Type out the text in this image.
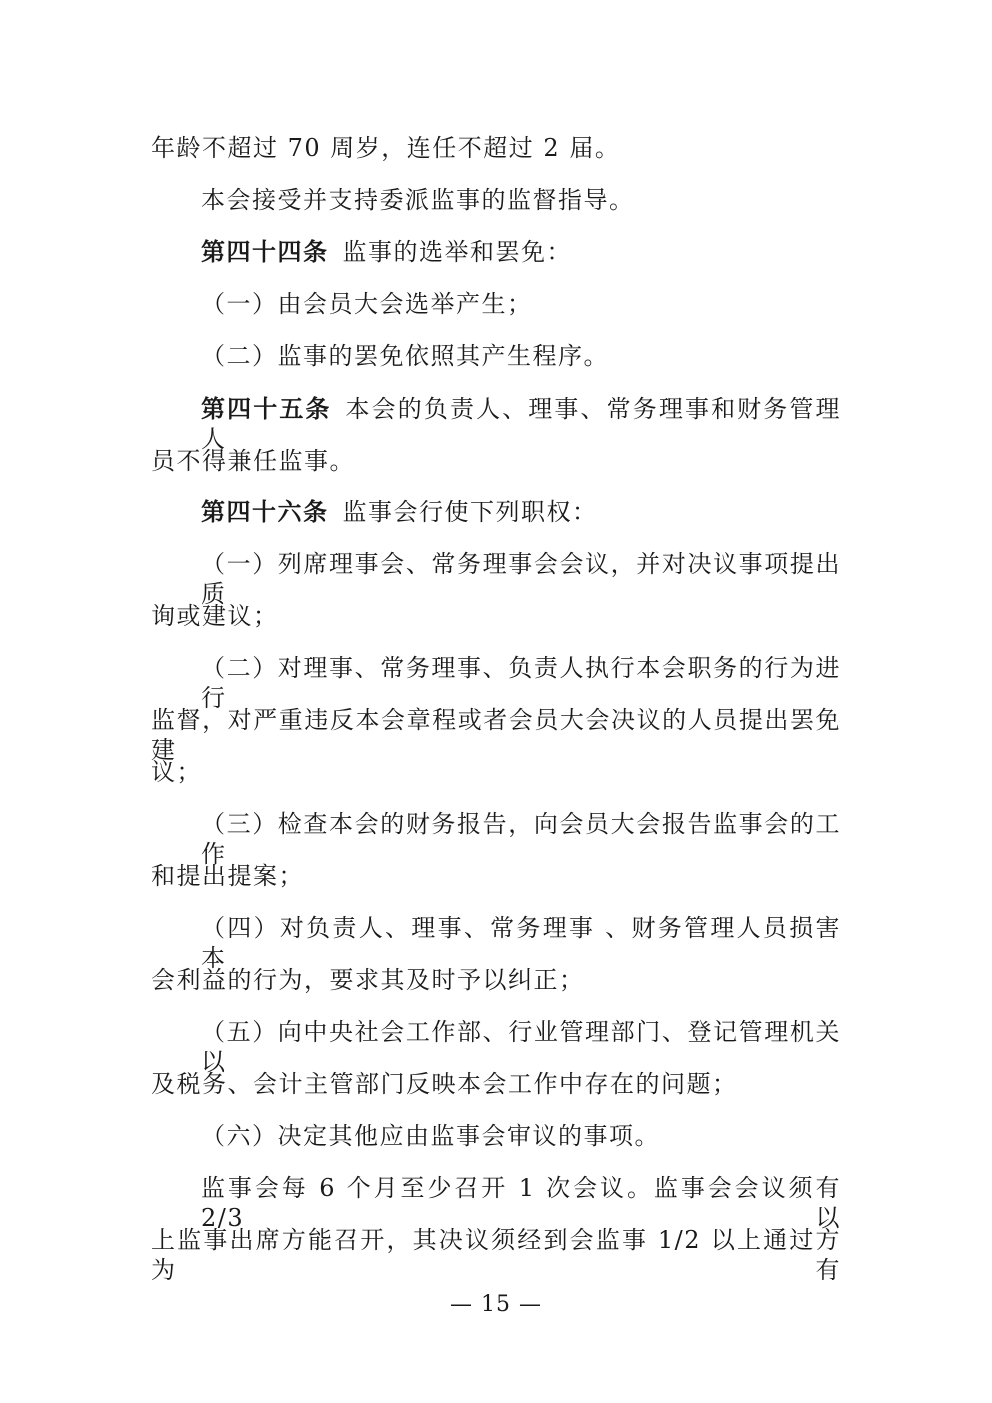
年龄不超过 70 周岁，连任不超过 2 届。
本会接受并支持委派监事的监督指导。
第四十四条 监事的选举和罢免：
（一）由会员大会选举产生；
（二）监事的罢免依照其产生程序。
第四十五条 本会的负责人、理事、常务理事和财务管理人
员不得兼任监事。
第四十六条 监事会行使下列职权：
（一）列席理事会、常务理事会会议，并对决议事项提出质
询或建议；
（二）对理事、常务理事、负责人执行本会职务的行为进行
监督，对严重违反本会章程或者会员大会决议的人员提出罢免建
议；
（三）检查本会的财务报告，向会员大会报告监事会的工作
和提出提案；
（四）对负责人、理事、常务理事 、财务管理人员损害本
会利益的行为，要求其及时予以纠正；
（五）向中央社会工作部、行业管理部门、登记管理机关以
及税务、会计主管部门反映本会工作中存在的问题；
（六）决定其他应由监事会审议的事项。
监事会每 6 个月至少召开 1 次会议。监事会会议须有 2/3 以
上监事出席方能召开，其决议须经到会监事 1/2 以上通过方为有
— 15 —
